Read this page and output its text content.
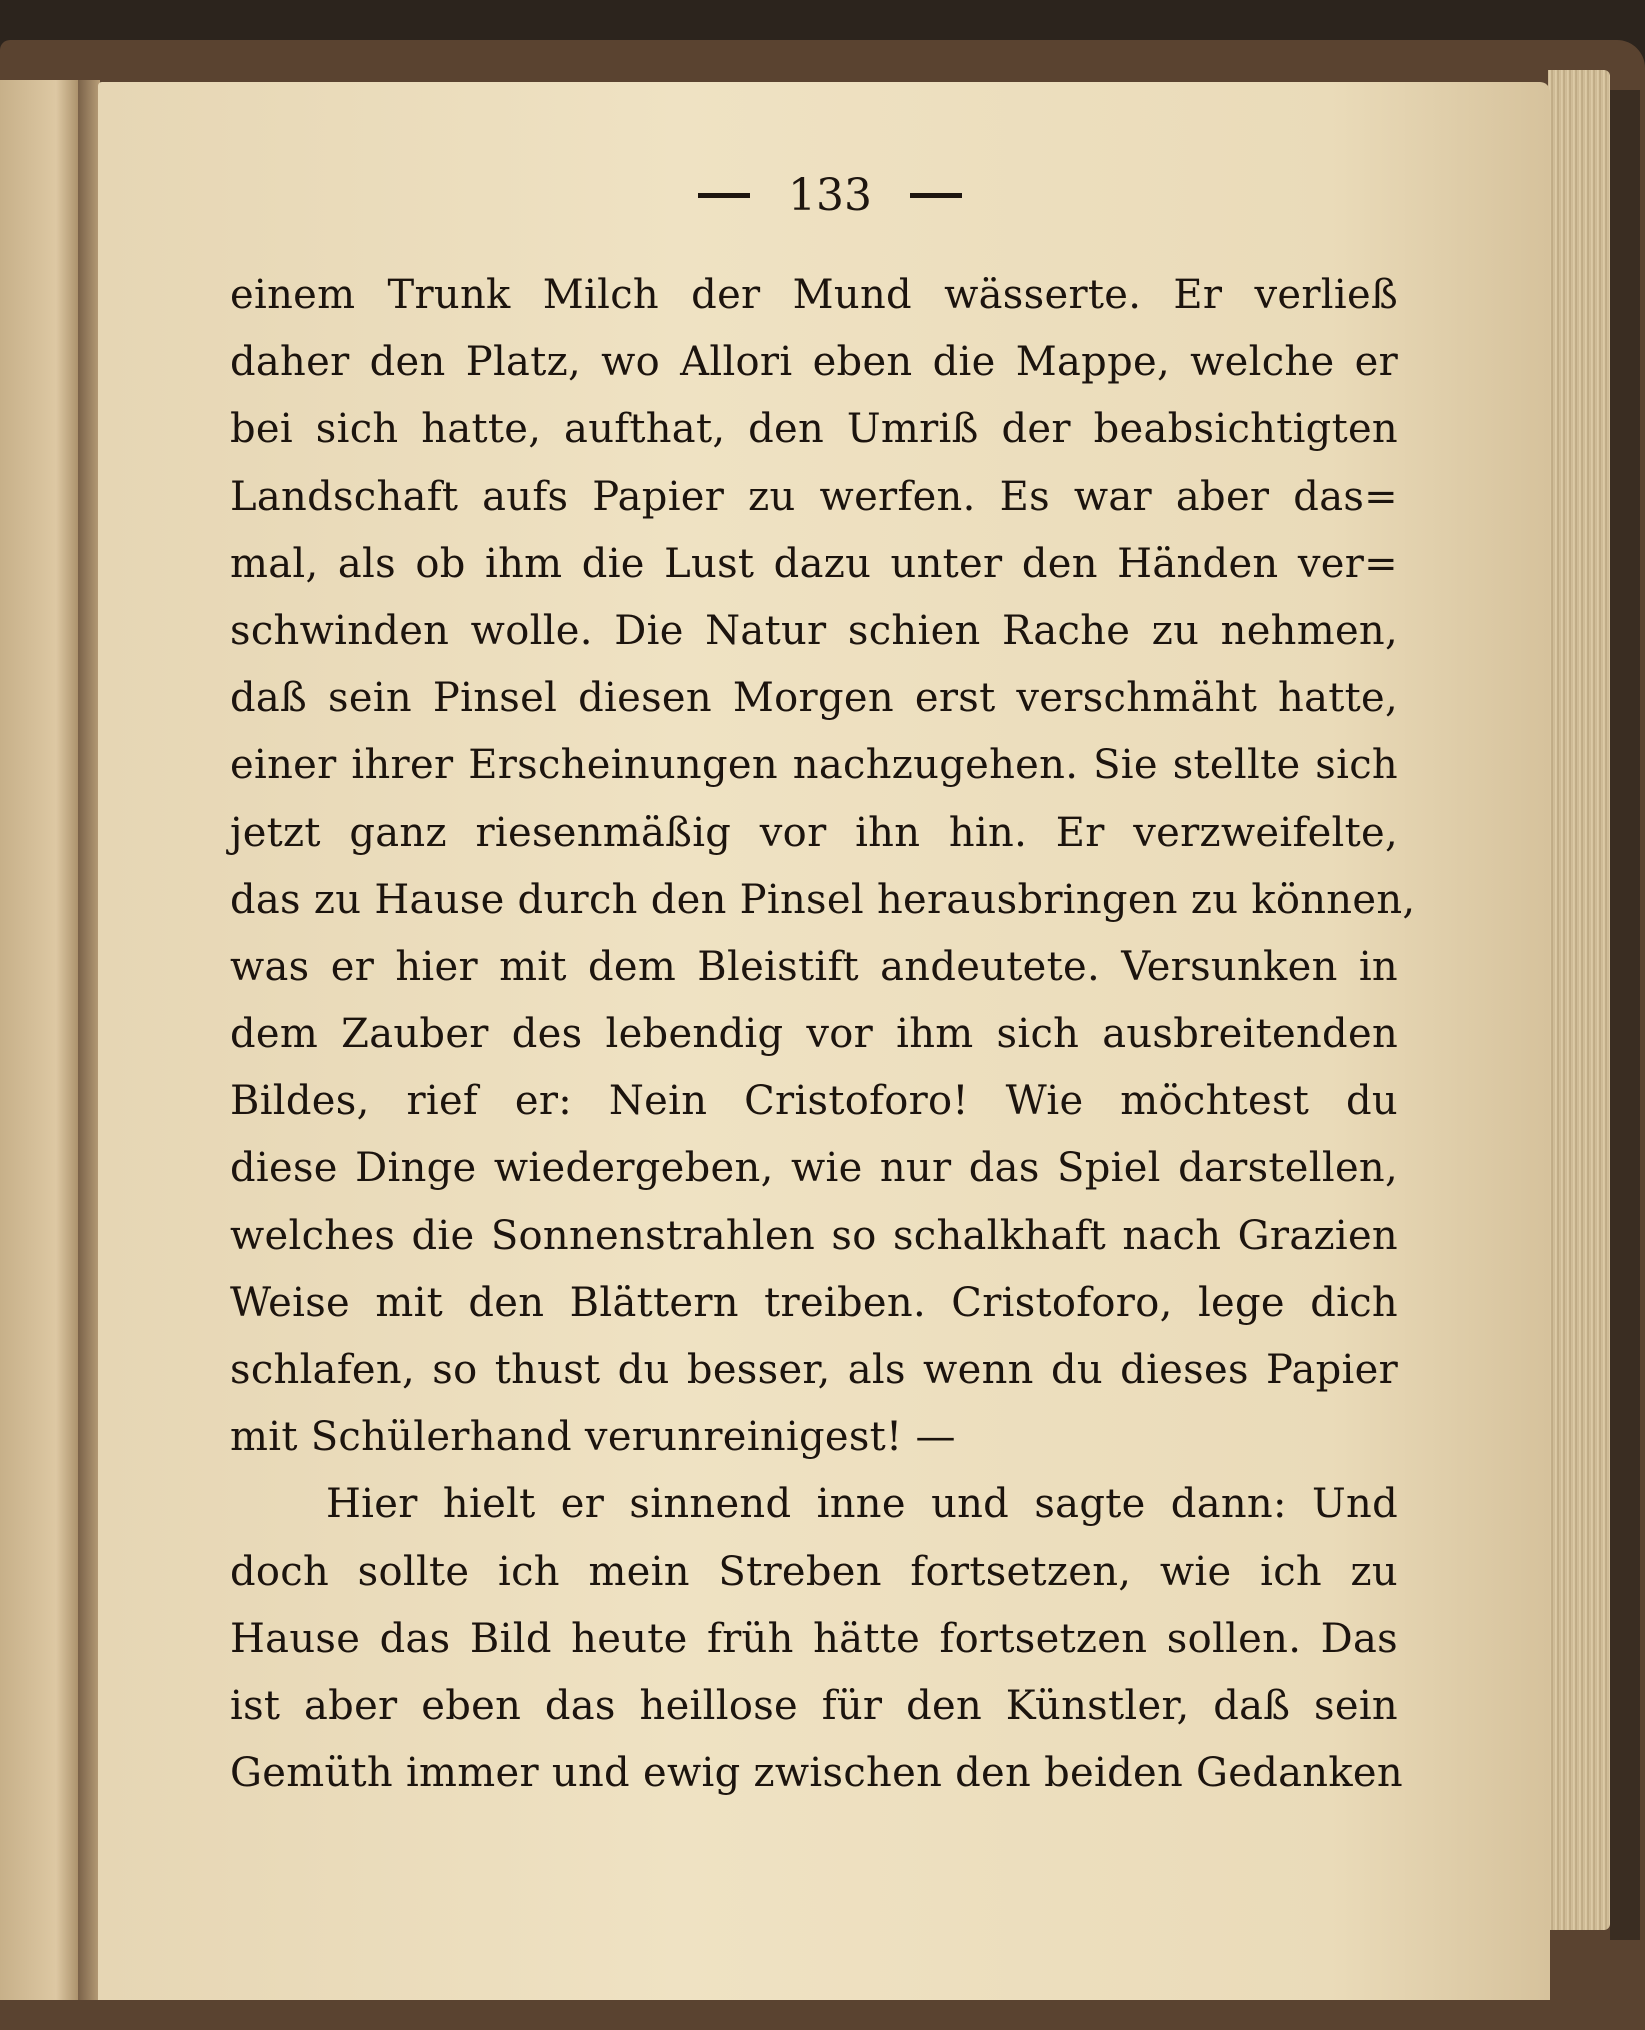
133
einem Trunk Milch der Mund wässerte. Er verließ
daher den Platz, wo Allori eben die Mappe, welche er
bei sich hatte, aufthat, den Umriß der beabsichtigten
Landschaft aufs Papier zu werfen. Es war aber das=
mal, als ob ihm die Lust dazu unter den Händen ver=
schwinden wolle. Die Natur schien Rache zu nehmen,
daß sein Pinsel diesen Morgen erst verschmäht hatte,
einer ihrer Erscheinungen nachzugehen. Sie stellte sich
jetzt ganz riesenmäßig vor ihn hin. Er verzweifelte,
das zu Hause durch den Pinsel herausbringen zu können,
was er hier mit dem Bleistift andeutete. Versunken in
dem Zauber des lebendig vor ihm sich ausbreitenden
Bildes, rief er: Nein Cristoforo! Wie möchtest du
diese Dinge wiedergeben, wie nur das Spiel darstellen,
welches die Sonnenstrahlen so schalkhaft nach Grazien
Weise mit den Blättern treiben. Cristoforo, lege dich
schlafen, so thust du besser, als wenn du dieses Papier
mit Schülerhand verunreinigest! —
Hier hielt er sinnend inne und sagte dann: Und
doch sollte ich mein Streben fortsetzen, wie ich zu
Hause das Bild heute früh hätte fortsetzen sollen. Das
ist aber eben das heillose für den Künstler, daß sein
Gemüth immer und ewig zwischen den beiden Gedanken
